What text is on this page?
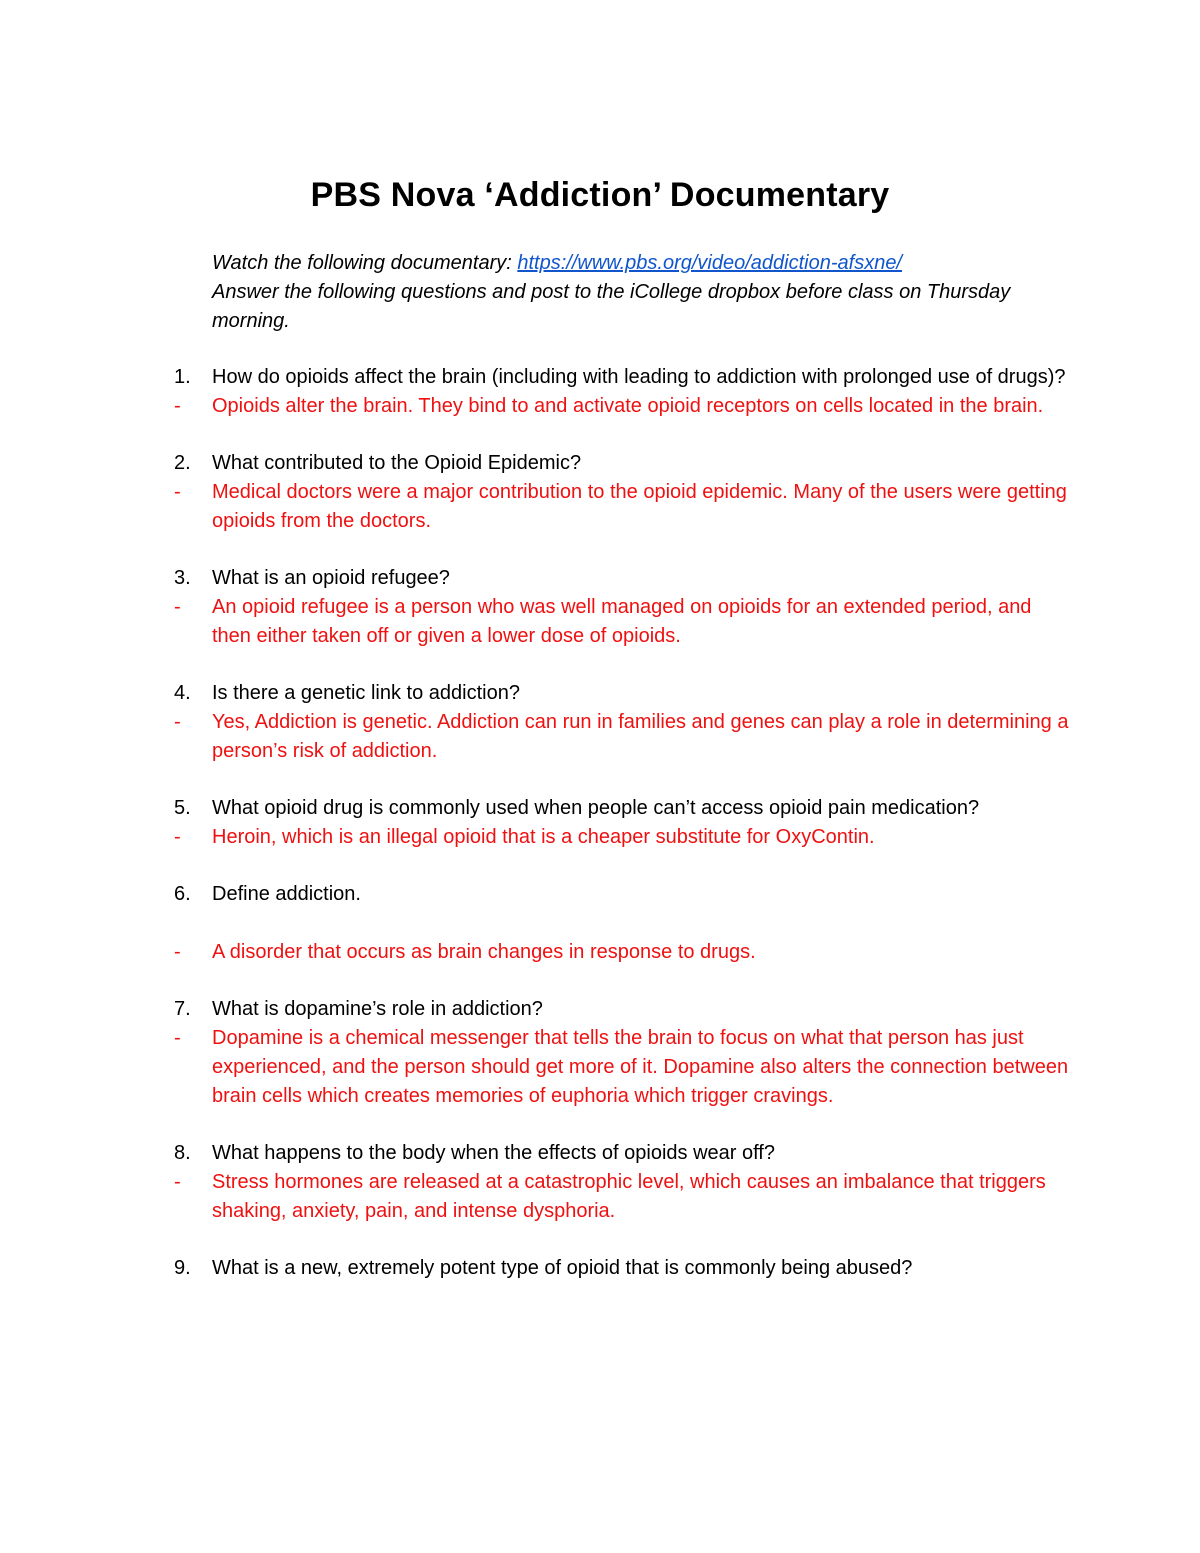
PBS Nova ‘Addiction’ Documentary
Watch the following documentary: https://www.pbs.org/video/addiction-afsxne/
Answer the following questions and post to the iCollege dropbox before class on Thursday morning.
1.	How do opioids affect the brain (including with leading to addiction with prolonged use of drugs)?
-	Opioids alter the brain. They bind to and activate opioid receptors on cells located in the brain.
2.	What contributed to the Opioid Epidemic?
-	Medical doctors were a major contribution to the opioid epidemic. Many of the users were getting opioids from the doctors.
3.	What is an opioid refugee?
-	An opioid refugee is a person who was well managed on opioids for an extended period, and then either taken off or given a lower dose of opioids.
4.	Is there a genetic link to addiction?
-	Yes, Addiction is genetic. Addiction can run in families and genes can play a role in determining a person’s risk of addiction.
5.	What opioid drug is commonly used when people can’t access opioid pain medication?
-	Heroin, which is an illegal opioid that is a cheaper substitute for OxyContin.
6.	Define addiction.
-	A disorder that occurs as brain changes in response to drugs.
7.	What is dopamine’s role in addiction?
-	Dopamine is a chemical messenger that tells the brain to focus on what that person has just experienced, and the person should get more of it. Dopamine also alters the connection between brain cells which creates memories of euphoria which trigger cravings.
8.	What happens to the body when the effects of opioids wear off?
-	Stress hormones are released at a catastrophic level, which causes an imbalance that triggers shaking, anxiety, pain, and intense dysphoria.
9.	What is a new, extremely potent type of opioid that is commonly being abused?
